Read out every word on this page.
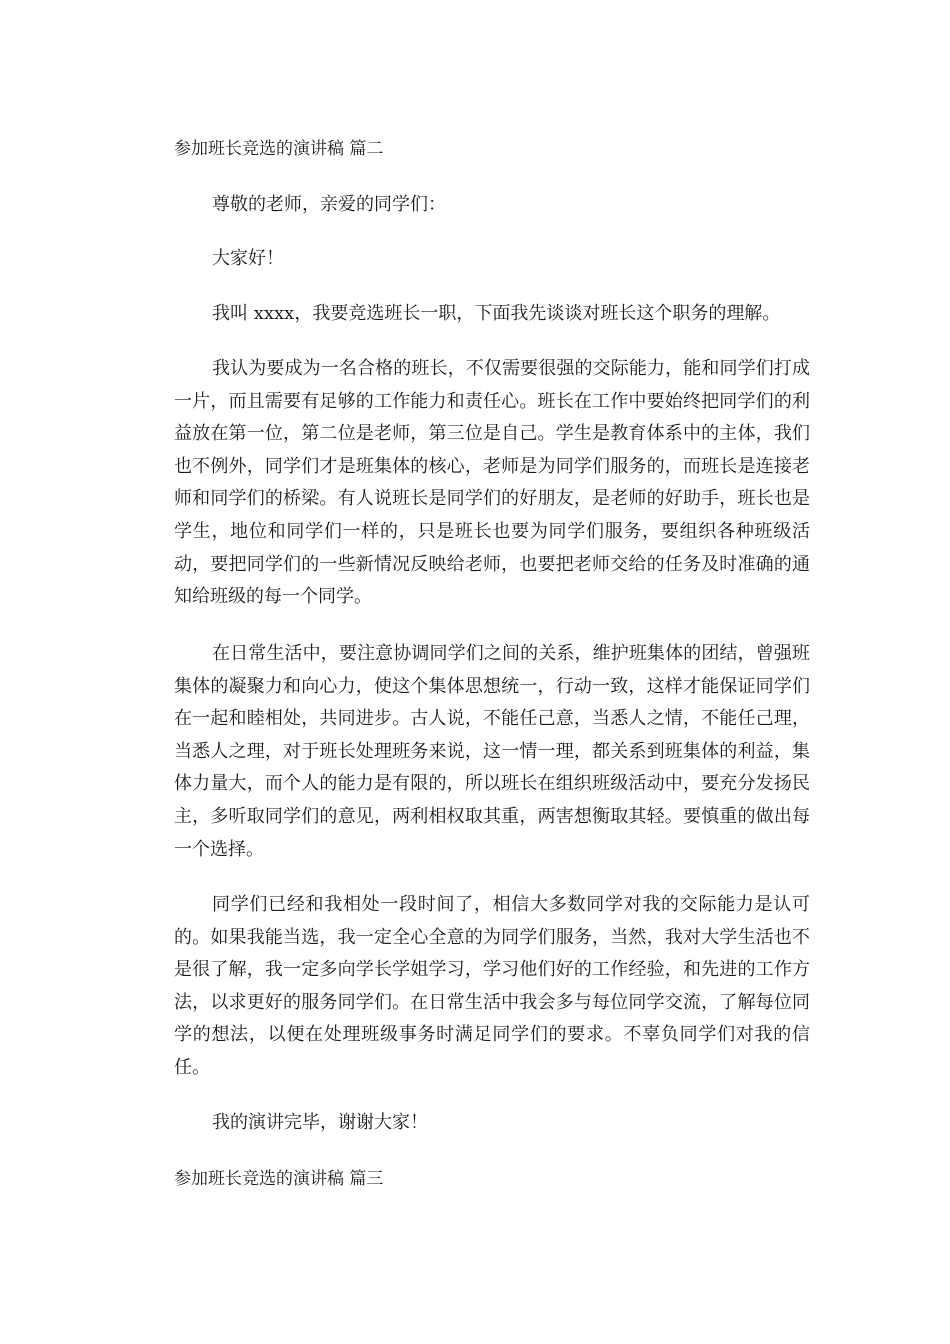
参加班长竞选的演讲稿 篇二

尊敬的老师，亲爱的同学们：

大家好！

我叫 xxxx，我要竞选班长一职，下面我先谈谈对班长这个职务的理解。

我认为要成为一名合格的班长，不仅需要很强的交际能力，能和同学们打成一片，而且需要有足够的工作能力和责任心。班长在工作中要始终把同学们的利益放在第一位，第二位是老师，第三位是自己。学生是教育体系中的主体，我们也不例外，同学们才是班集体的核心，老师是为同学们服务的，而班长是连接老师和同学们的桥梁。有人说班长是同学们的好朋友，是老师的好助手，班长也是学生，地位和同学们一样的，只是班长也要为同学们服务，要组织各种班级活动，要把同学们的一些新情况反映给老师，也要把老师交给的任务及时准确的通知给班级的每一个同学。

在日常生活中，要注意协调同学们之间的关系，维护班集体的团结，曾强班集体的凝聚力和向心力，使这个集体思想统一，行动一致，这样才能保证同学们在一起和睦相处，共同进步。古人说，不能任己意，当悉人之情，不能任己理，当悉人之理，对于班长处理班务来说，这一情一理，都关系到班集体的利益，集体力量大，而个人的能力是有限的，所以班长在组织班级活动中，要充分发扬民主，多听取同学们的意见，两利相权取其重，两害想衡取其轻。要慎重的做出每一个选择。

同学们已经和我相处一段时间了，相信大多数同学对我的交际能力是认可的。如果我能当选，我一定全心全意的为同学们服务，当然，我对大学生活也不是很了解，我一定多向学长学姐学习，学习他们好的工作经验，和先进的工作方法，以求更好的服务同学们。在日常生活中我会多与每位同学交流，了解每位同学的想法，以便在处理班级事务时满足同学们的要求。不辜负同学们对我的信任。

我的演讲完毕，谢谢大家！

参加班长竞选的演讲稿 篇三
